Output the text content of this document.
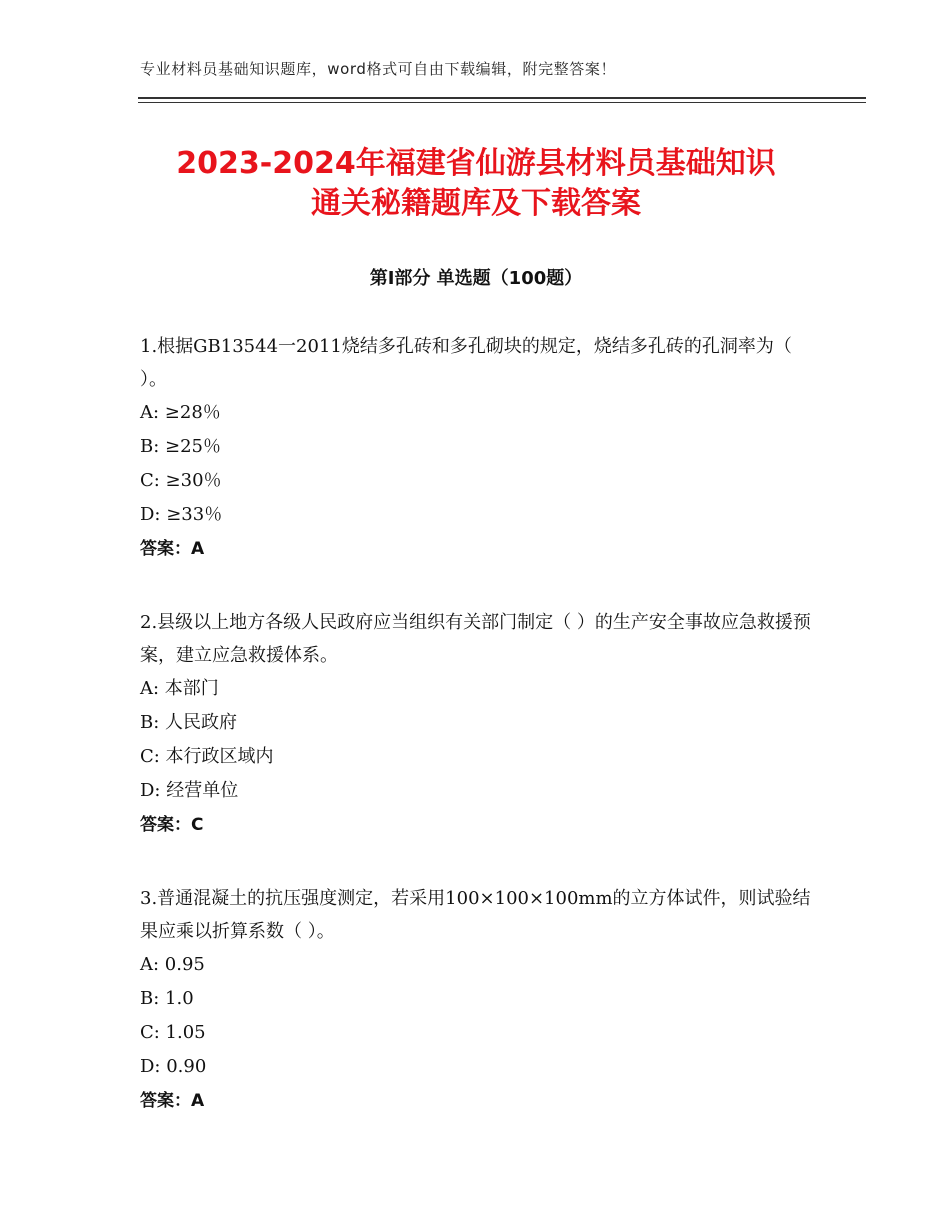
专业材料员基础知识题库，word格式可自由下载编辑，附完整答案！
2023-2024年福建省仙游县材料员基础知识
通关秘籍题库及下载答案
第Ⅰ部分 单选题（100题）

1.根据GB13544一2011烧结多孔砖和多孔砌块的规定，烧结多孔砖的孔洞率为（ ）。

A: ≥28％

B: ≥25％

C: ≥30％

D: ≥33％

答案：A

2.县级以上地方各级人民政府应当组织有关部门制定（ ）的生产安全事故应急救援预案，建立应急救援体系。

A: 本部门

B: 人民政府

C: 本行政区域内

D: 经营单位

答案：C

3.普通混凝土的抗压强度测定，若采用100×100×100mm的立方体试件，则试验结果应乘以折算系数（ ）。

A: 0.95

B: 1.0

C: 1.05

D: 0.90

答案：A
